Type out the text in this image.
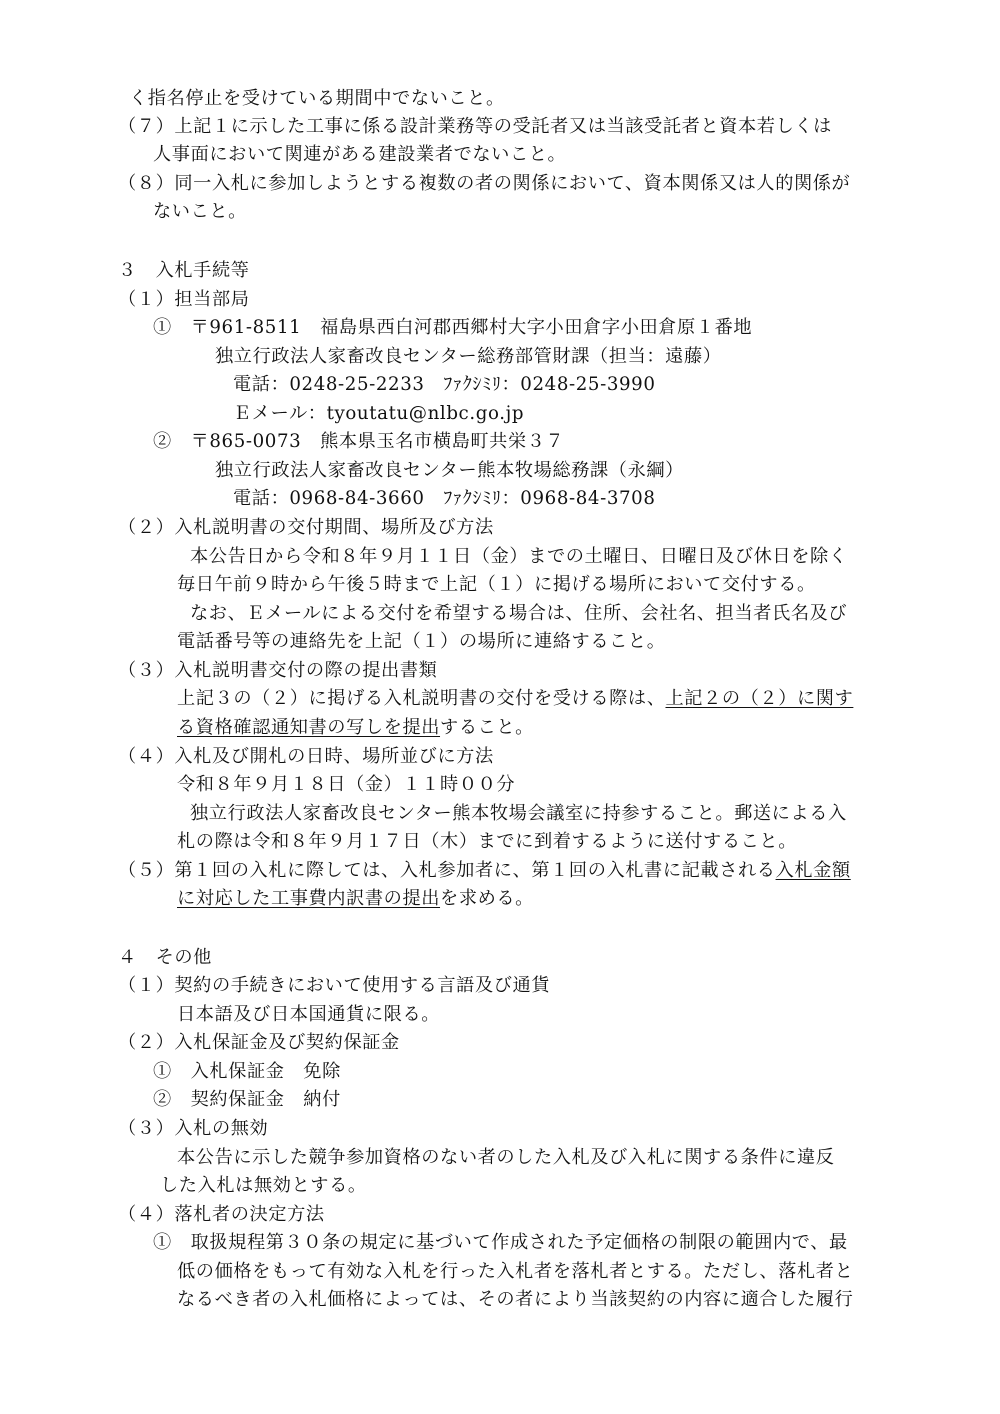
く指名停止を受けている期間中でないこと。
（７）上記１に示した工事に係る設計業務等の受託者又は当該受託者と資本若しくは
人事面において関連がある建設業者でないこと。
（８）同一入札に参加しようとする複数の者の関係において、資本関係又は人的関係が
ないこと。
３　入札手続等
（１）担当部局
①　〒961-8511　福島県西白河郡西郷村大字小田倉字小田倉原１番地
独立行政法人家畜改良センター総務部管財課（担当：遠藤）
電話：0248-25-2233　ﾌｧｸｼﾐﾘ：0248-25-3990
Ｅメール：tyoutatu@nlbc.go.jp
②　〒865-0073　熊本県玉名市横島町共栄３７
独立行政法人家畜改良センター熊本牧場総務課（永綱）
電話：0968-84-3660　ﾌｧｸｼﾐﾘ：0968-84-3708
（２）入札説明書の交付期間、場所及び方法
本公告日から令和８年９月１１日（金）までの土曜日、日曜日及び休日を除く
毎日午前９時から午後５時まで上記（１）に掲げる場所において交付する。
なお、Ｅメールによる交付を希望する場合は、住所、会社名、担当者氏名及び
電話番号等の連絡先を上記（１）の場所に連絡すること。
（３）入札説明書交付の際の提出書類
上記３の（２）に掲げる入札説明書の交付を受ける際は、上記２の（２）に関す
る資格確認通知書の写しを提出すること。
（４）入札及び開札の日時、場所並びに方法
令和８年９月１８日（金）１１時００分
独立行政法人家畜改良センター熊本牧場会議室に持参すること。郵送による入
札の際は令和８年９月１７日（木）までに到着するように送付すること。
（５）第１回の入札に際しては、入札参加者に、第１回の入札書に記載される入札金額
に対応した工事費内訳書の提出を求める。
４　その他
（１）契約の手続きにおいて使用する言語及び通貨
日本語及び日本国通貨に限る。
（２）入札保証金及び契約保証金
①　入札保証金　免除
②　契約保証金　納付
（３）入札の無効
本公告に示した競争参加資格のない者のした入札及び入札に関する条件に違反
した入札は無効とする。
（４）落札者の決定方法
①　取扱規程第３０条の規定に基づいて作成された予定価格の制限の範囲内で、最
低の価格をもって有効な入札を行った入札者を落札者とする。ただし、落札者と
なるべき者の入札価格によっては、その者により当該契約の内容に適合した履行
